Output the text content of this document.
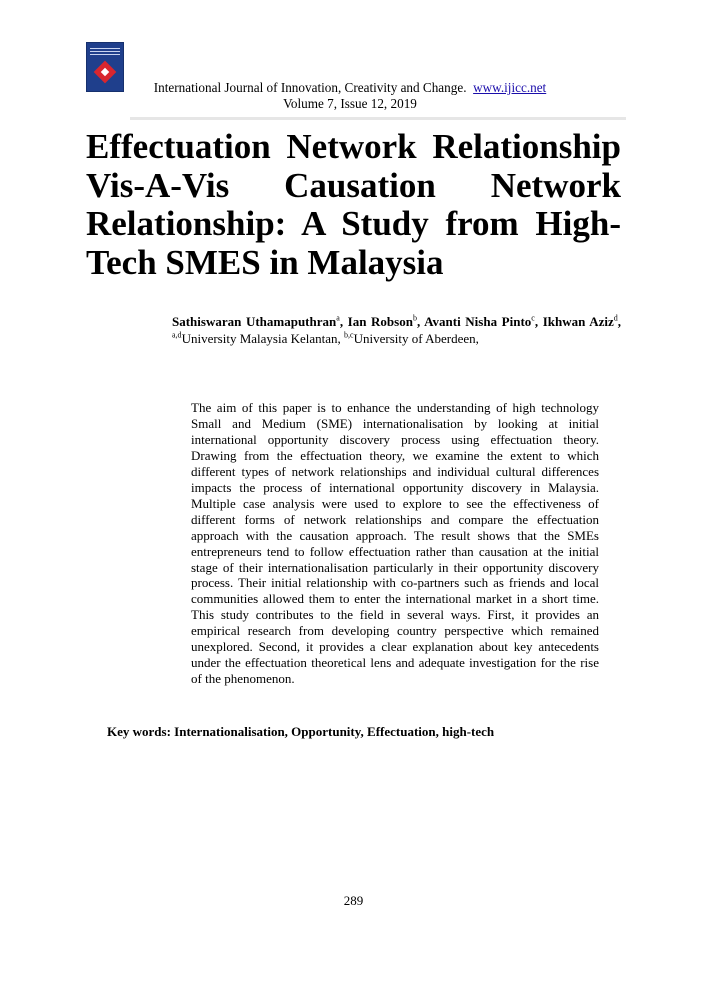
International Journal of Innovation, Creativity and Change. www.ijicc.net
Volume 7, Issue 12, 2019
Effectuation Network Relationship Vis-A-Vis Causation Network Relationship: A Study from High-Tech SMES in Malaysia
Sathiswaran Uthamaputhran$^a$, Ian Robson$^b$, Avanti Nisha Pinto$^c$, Ikhwan Aziz$^d$, $^{a,d}$University Malaysia Kelantan, $^{b,c}$University of Aberdeen,

The aim of this paper is to enhance the understanding of high technology Small and Medium (SME) internationalisation by looking at initial international opportunity discovery process using effectuation theory. Drawing from the effectuation theory, we examine the extent to which different types of network relationships and individual cultural differences impacts the process of international opportunity discovery in Malaysia. Multiple case analysis were used to explore to see the effectiveness of different forms of network relationships and compare the effectuation approach with the causation approach. The result shows that the SMEs entrepreneurs tend to follow effectuation rather than causation at the initial stage of their internationalisation particularly in their opportunity discovery process. Their initial relationship with co-partners such as friends and local communities allowed them to enter the international market in a short time. This study contributes to the field in several ways. First, it provides an empirical research from developing country perspective which remained unexplored. Second, it provides a clear explanation about key antecedents under the effectuation theoretical lens and adequate investigation for the rise of the phenomenon.

Key words: Internationalisation, Opportunity, Effectuation, high-tech
289
